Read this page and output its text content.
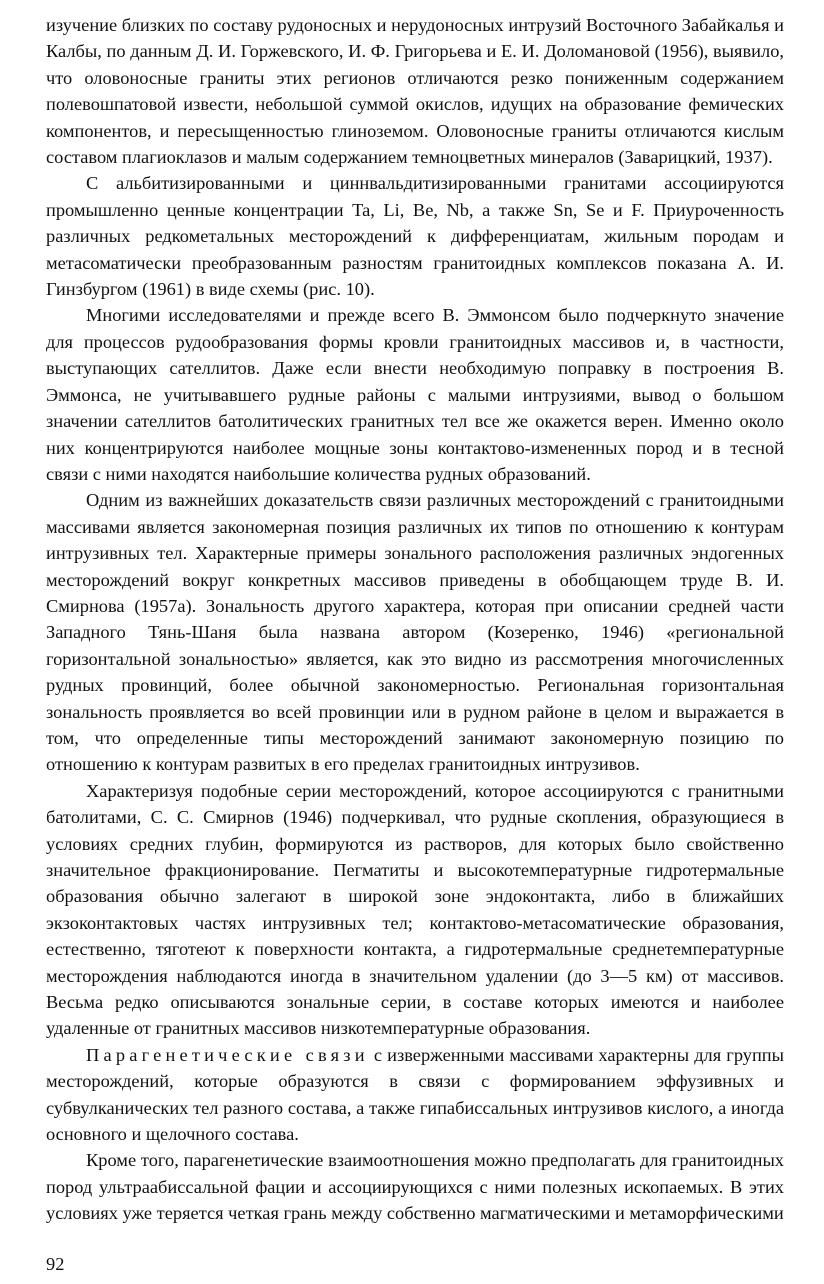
изучение близких по составу рудоносных и нерудоносных интрузий Восточного Забайкалья и Калбы, по данным Д. И. Горжевского, И. Ф. Григорьева и Е. И. Доломановой (1956), выявило, что оловоносные граниты этих регионов отличаются резко пониженным содержанием полевошпатовой извести, небольшой суммой окислов, идущих на образование фемических компонентов, и пересыщенностью глиноземом. Оловоносные граниты отличаются кислым составом плагиоклазов и малым содержанием темноцветных минералов (Заварицкий, 1937).

С альбитизированными и циннвальдитизированными гранитами ассоциируются промышленно ценные концентрации Ta, Li, Be, Nb, а также Sn, Se и F. Приуроченность различных редкометальных месторождений к дифференциатам, жильным породам и метасоматически преобразованным разностям гранитоидных комплексов показана А. И. Гинзбургом (1961) в виде схемы (рис. 10).

Многими исследователями и прежде всего В. Эммонсом было подчеркнуто значение для процессов рудообразования формы кровли гранитоидных массивов и, в частности, выступающих сателлитов. Даже если внести необходимую поправку в построения В. Эммонса, не учитывавшего рудные районы с малыми интрузиями, вывод о большом значении сателлитов батолитических гранитных тел все же окажется верен. Именно около них концентрируются наиболее мощные зоны контактово-измененных пород и в тесной связи с ними находятся наибольшие количества рудных образований.

Одним из важнейших доказательств связи различных месторождений с гранитоидными массивами является закономерная позиция различных их типов по отношению к контурам интрузивных тел. Характерные примеры зонального расположения различных эндогенных месторождений вокруг конкретных массивов приведены в обобщающем труде В. И. Смирнова (1957а). Зональность другого характера, которая при описании средней части Западного Тянь-Шаня была названа автором (Козеренко, 1946) «региональной горизонтальной зональностью» является, как это видно из рассмотрения многочисленных рудных провинций, более обычной закономерностью. Региональная горизонтальная зональность проявляется во всей провинции или в рудном районе в целом и выражается в том, что определенные типы месторождений занимают закономерную позицию по отношению к контурам развитых в его пределах гранитоидных интрузивов.

Характеризуя подобные серии месторождений, которое ассоциируются с гранитными батолитами, С. С. Смирнов (1946) подчеркивал, что рудные скопления, образующиеся в условиях средних глубин, формируются из растворов, для которых было свойственно значительное фракционирование. Пегматиты и высокотемпературные гидротермальные образования обычно залегают в широкой зоне эндоконтакта, либо в ближайших экзоконтактовых частях интрузивных тел; контактово-метасоматические образования, естественно, тяготеют к поверхности контакта, а гидротермальные среднетемпературные месторождения наблюдаются иногда в значительном удалении (до 3—5 км) от массивов. Весьма редко описываются зональные серии, в составе которых имеются и наиболее удаленные от гранитных массивов низкотемпературные образования.

Парагенетические связи с изверженными массивами характерны для группы месторождений, которые образуются в связи с формированием эффузивных и субвулканических тел разного состава, а также гипабиссальных интрузивов кислого, а иногда основного и щелочного состава.

Кроме того, парагенетические взаимоотношения можно предполагать для гранитоидных пород ультраабиссальной фации и ассоциирующихся с ними полезных ископаемых. В этих условиях уже теряется четкая грань между собственно магматическими и метаморфическими

92
